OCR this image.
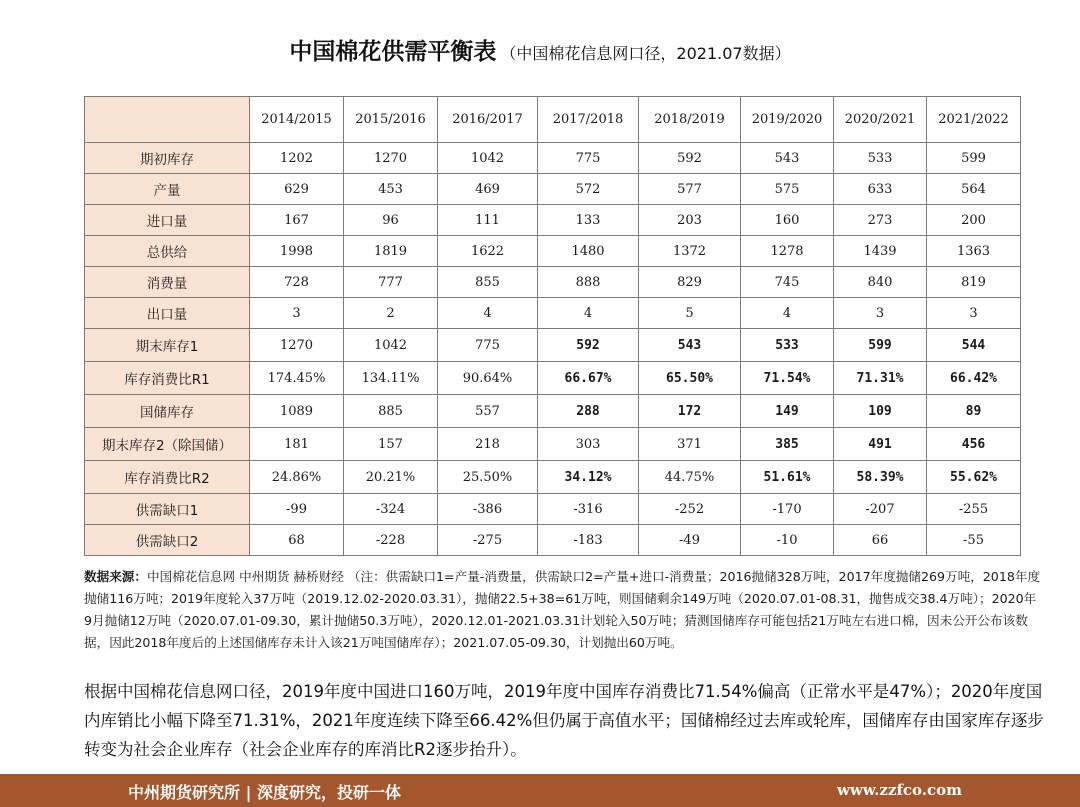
中国棉花供需平衡表 （中国棉花信息网口径，2021.07数据）
	2014/2015	2015/2016	2016/2017	2017/2018	2018/2019	2019/2020	2020/2021	2021/2022
期初库存	1202	1270	1042	775	592	543	533	599
产量	629	453	469	572	577	575	633	564
进口量	167	96	111	133	203	160	273	200
总供给	1998	1819	1622	1480	1372	1278	1439	1363
消费量	728	777	855	888	829	745	840	819
出口量	3	2	4	4	5	4	3	3
期末库存1	1270	1042	775	592	543	533	599	544
库存消费比R1	174.45%	134.11%	90.64%	66.67%	65.50%	71.54%	71.31%	66.42%
国储库存	1089	885	557	288	172	149	109	89
期末库存2（除国储）	181	157	218	303	371	385	491	456
库存消费比R2	24.86%	20.21%	25.50%	34.12%	44.75%	51.61%	58.39%	55.62%
供需缺口1	-99	-324	-386	-316	-252	-170	-207	-255
供需缺口2	68	-228	-275	-183	-49	-10	66	-55
数据来源：中国棉花信息网 中州期货 赫桥财经 （注：供需缺口1=产量-消费量，供需缺口2=产量+进口-消费量；2016抛储328万吨，2017年度抛储269万吨，2018年度抛储116万吨；2019年度轮入37万吨（2019.12.02-2020.03.31），抛储22.5+38=61万吨，则国储剩余149万吨（2020.07.01-08.31，抛售成交38.4万吨）；2020年9月抛储12万吨（2020.07.01-09.30，累计抛储50.3万吨），2020.12.01-2021.03.31计划轮入50万吨；猜测国储库存可能包括21万吨左右进口棉，因未公开公布该数据，因此2018年度后的上述国储库存未计入该21万吨国储库存）；2021.07.05-09.30，计划抛出60万吨。
根据中国棉花信息网口径，2019年度中国进口160万吨，2019年度中国库存消费比71.54%偏高（正常水平是47%）；2020年度国内库销比小幅下降至71.31%，2021年度连续下降至66.42%但仍属于高值水平；国储棉经过去库或轮库，国储库存由国家库存逐步转变为社会企业库存（社会企业库存的库消比R2逐步抬升）。
中州期货研究所 | 深度研究，投研一体	www.zzfco.com
